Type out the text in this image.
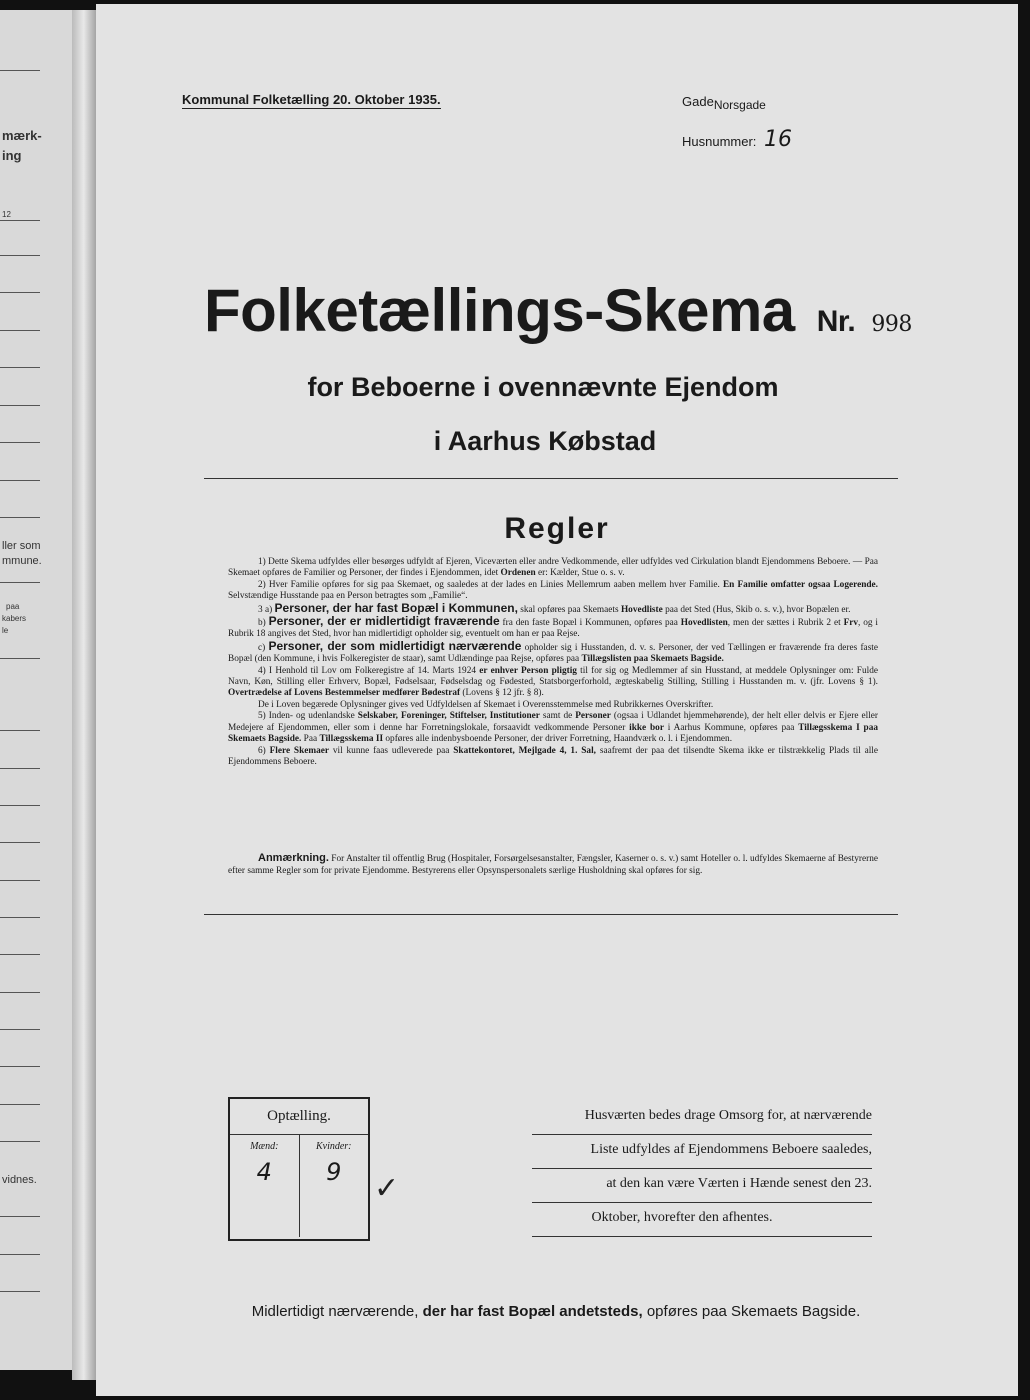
mærk-
ing
12
ller som
mmune.
paa
kabers
le
vidnes.
Kommunal Folketælling 20. Oktober 1935.	GadeNorsgade
Husnummer: 16
Folketællings-Skema Nr. 998
for Beboerne i ovennævnte Ejendom
i Aarhus Købstad
Regler

1) Dette Skema udfyldes eller besørges udfyldt af Ejeren, Viceværten eller andre Vedkommende, eller udfyldes ved Cirkulation blandt Ejendommens Beboere. — Paa Skemaet opføres de Familier og Personer, der findes i Ejendommen, idet Ordenen er: Kælder, Stue o. s. v.

2) Hver Familie opføres for sig paa Skemaet, og saaledes at der lades en Linies Mellemrum aaben mellem hver Familie. En Familie omfatter ogsaa Logerende. Selvstændige Husstande paa en Person betragtes som „Familie“.

3 a) Personer, der har fast Bopæl i Kommunen, skal opføres paa Skemaets Hovedliste paa det Sted (Hus, Skib o. s. v.), hvor Bopælen er.

b) Personer, der er midlertidigt fraværende fra den faste Bopæl i Kommunen, opføres paa Hovedlisten, men der sættes i Rubrik 2 et Frv, og i Rubrik 18 angives det Sted, hvor han midlertidigt opholder sig, eventuelt om han er paa Rejse.

c) Personer, der som midlertidigt nærværende opholder sig i Husstanden, d. v. s. Personer, der ved Tællingen er fraværende fra deres faste Bopæl (den Kommune, i hvis Folkeregister de staar), samt Udlændinge paa Rejse, opføres paa Tillægslisten paa Skemaets Bagside.

4) I Henhold til Lov om Folkeregistre af 14. Marts 1924 er enhver Person pligtig til for sig og Medlemmer af sin Husstand, at meddele Oplysninger om: Fulde Navn, Køn, Stilling eller Erhverv, Bopæl, Fødselsaar, Fødselsdag og Fødested, Statsborgerforhold, ægteskabelig Stilling, Stilling i Husstanden m. v. (jfr. Lovens § 1). Overtrædelse af Lovens Bestemmelser medfører Bødestraf (Lovens § 12 jfr. § 8).

De i Loven begærede Oplysninger gives ved Udfyldelsen af Skemaet i Overensstemmelse med Rubrikkernes Overskrifter.

5) Inden- og udenlandske Selskaber, Foreninger, Stiftelser, Institutioner samt de Personer (ogsaa i Udlandet hjemmehørende), der helt eller delvis er Ejere eller Medejere af Ejendommen, eller som i denne har Forretningslokale, forsaavidt vedkommende Personer ikke bor i Aarhus Kommune, opføres paa Tillægsskema I paa Skemaets Bagside. Paa Tillægsskema II opføres alle indenbysboende Personer, der driver Forretning, Haandværk o. l. i Ejendommen.

6) Flere Skemaer vil kunne faas udleverede paa Skattekontoret, Mejlgade 4, 1. Sal, saafremt der paa det tilsendte Skema ikke er tilstrækkelig Plads til alle Ejendommens Beboere.

Anmærkning. For Anstalter til offentlig Brug (Hospitaler, Forsørgelsesanstalter, Fængsler, Kaserner o. s. v.) samt Hoteller o. l. udfyldes Skemaerne af Bestyrerne efter samme Regler som for private Ejendomme. Bestyrerens eller Opsynspersonalets særlige Husholdning skal opføres for sig.
Optælling.
Mænd:
4
Kvinder:
9	✓
Husværten bedes drage Omsorg for, at nærværende
Liste udfyldes af Ejendommens Beboere saaledes,
at den kan være Værten i Hænde senest den 23.
Oktober, hvorefter den afhentes.
Midlertidigt nærværende, der har fast Bopæl andetsteds, opføres paa Skemaets Bagside.
